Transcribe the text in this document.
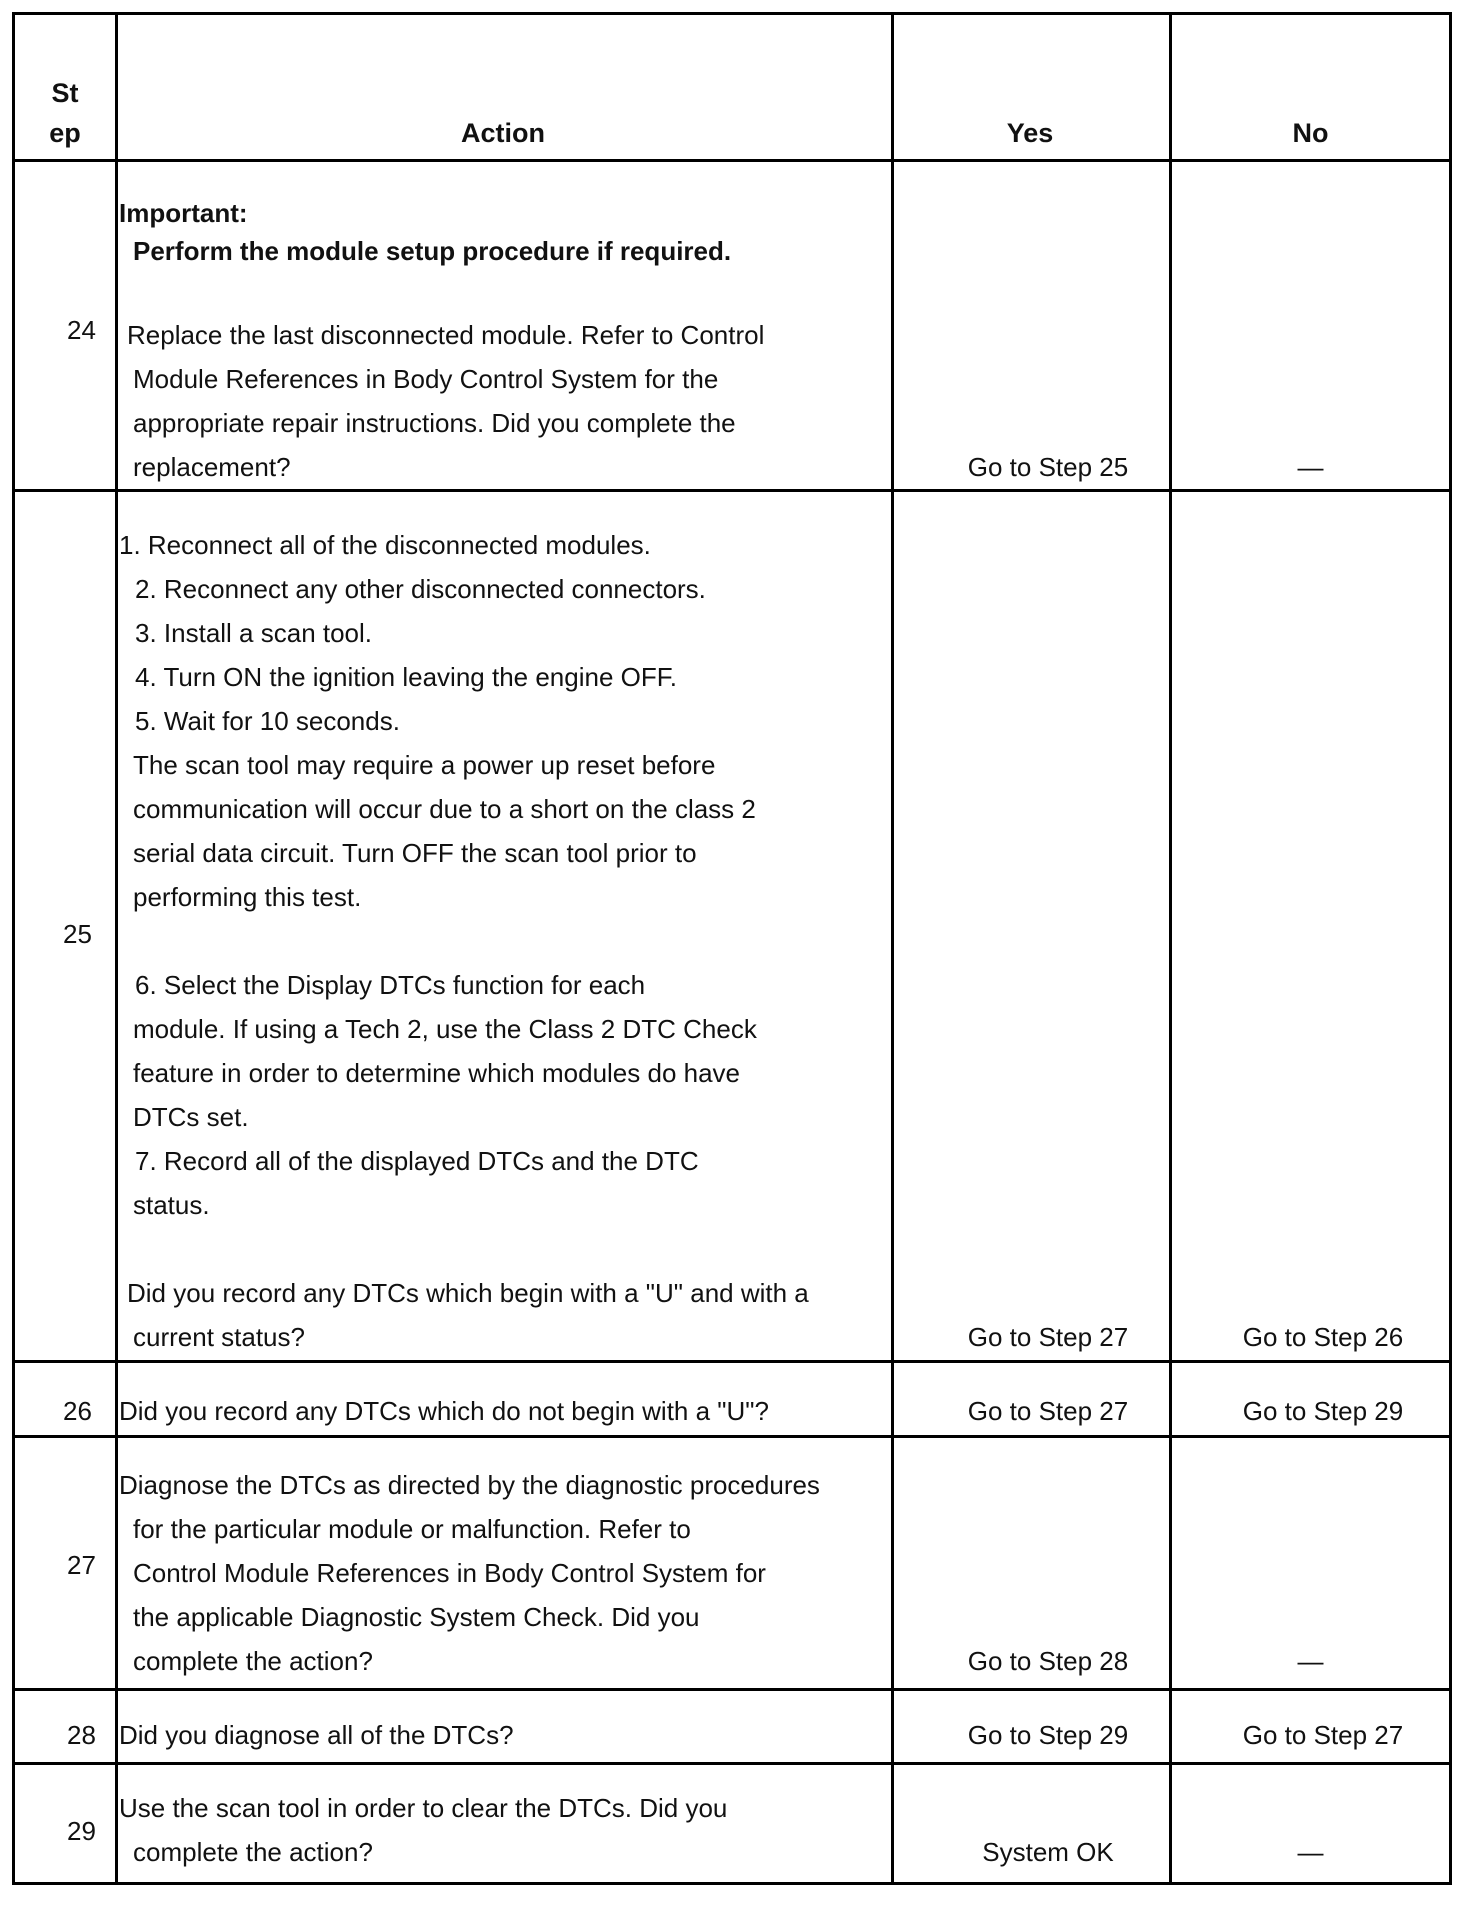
St
ep	Action	Yes	No
24
Important:
Perform the module setup procedure if required.
Replace the last disconnected module. Refer to Control
Module References in Body Control System for the
appropriate repair instructions. Did you complete the
replacement?	Go to Step 25	—
25
1. Reconnect all of the disconnected modules.
2. Reconnect any other disconnected connectors.
3. Install a scan tool.
4. Turn ON the ignition leaving the engine OFF.
5. Wait for 10 seconds.
The scan tool may require a power up reset before
communication will occur due to a short on the class 2
serial data circuit. Turn OFF the scan tool prior to
performing this test.
6. Select the Display DTCs function for each
module. If using a Tech 2, use the Class 2 DTC Check
feature in order to determine which modules do have
DTCs set.
7. Record all of the displayed DTCs and the DTC
status.
Did you record any DTCs which begin with a "U" and with a
current status?	Go to Step 27	Go to Step 26
26 Did you record any DTCs which do not begin with a "U"?	Go to Step 27	Go to Step 29
27
Diagnose the DTCs as directed by the diagnostic procedures
for the particular module or malfunction. Refer to
Control Module References in Body Control System for
the applicable Diagnostic System Check. Did you
complete the action?	Go to Step 28	—
28 Did you diagnose all of the DTCs?	Go to Step 29	Go to Step 27
29
Use the scan tool in order to clear the DTCs. Did you
complete the action?	System OK	—
